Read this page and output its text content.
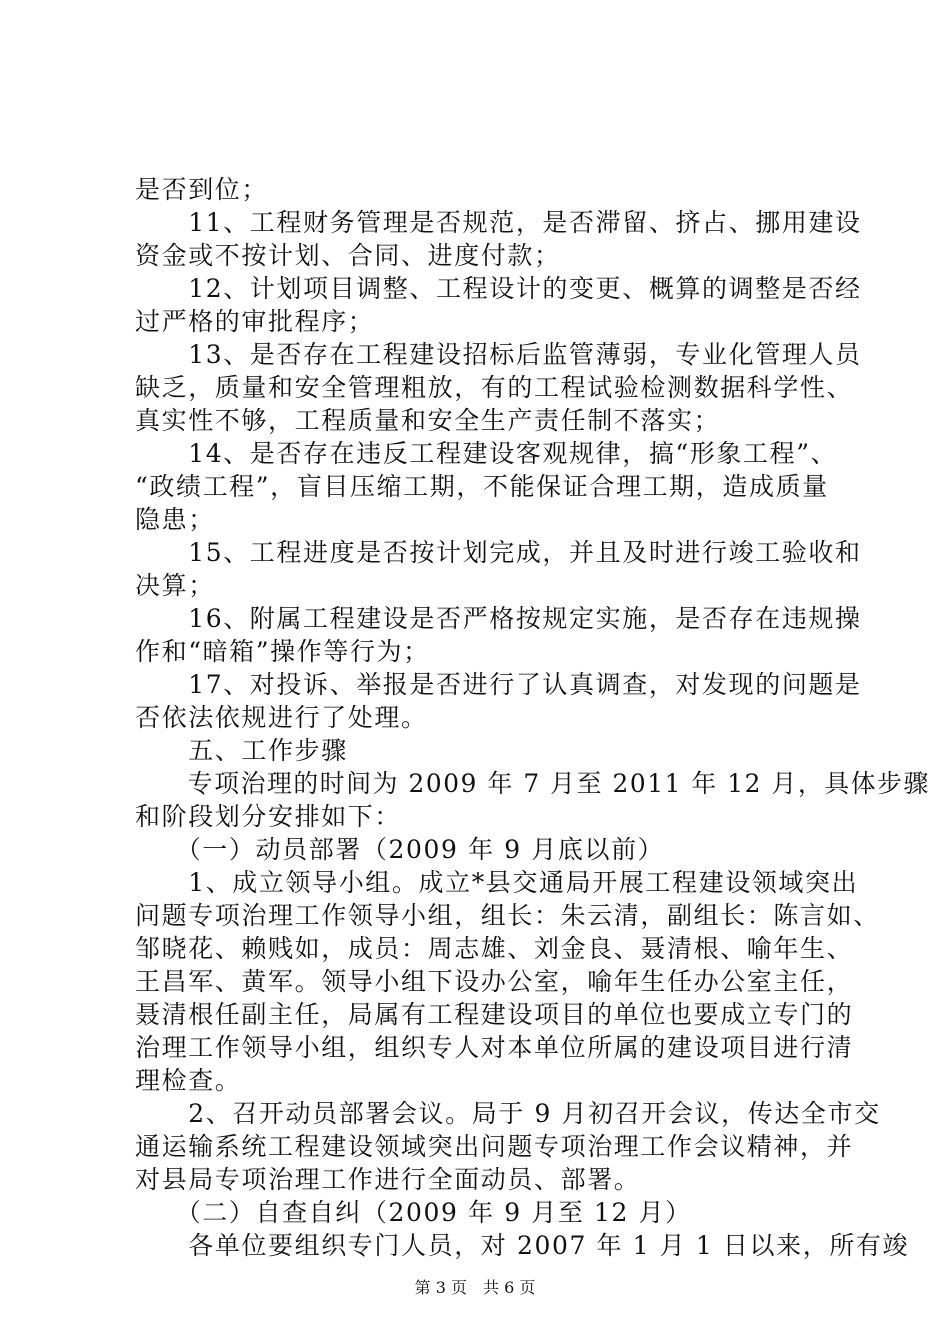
是否到位；
　　11、工程财务管理是否规范，是否滞留、挤占、挪用建设
资金或不按计划、合同、进度付款；
　　12、计划项目调整、工程设计的变更、概算的调整是否经
过严格的审批程序；
　　13、是否存在工程建设招标后监管薄弱，专业化管理人员
缺乏，质量和安全管理粗放，有的工程试验检测数据科学性、
真实性不够，工程质量和安全生产责任制不落实；
　　14、是否存在违反工程建设客观规律，搞“形象工程”、
“政绩工程”，盲目压缩工期，不能保证合理工期，造成质量
隐患；
　　15、工程进度是否按计划完成，并且及时进行竣工验收和
决算；
　　16、附属工程建设是否严格按规定实施，是否存在违规操
作和“暗箱”操作等行为；
　　17、对投诉、举报是否进行了认真调查，对发现的问题是
否依法依规进行了处理。
　　五、工作步骤
　　专项治理的时间为 2009 年 7 月至 2011 年 12 月，具体步骤
和阶段划分安排如下：
　　（一）动员部署（2009 年 9 月底以前）
　　1、成立领导小组。成立*县交通局开展工程建设领域突出
问题专项治理工作领导小组，组长：朱云清，副组长：陈言如、
邹晓花、赖贱如，成员：周志雄、刘金良、聂清根、喻年生、
王昌军、黄军。领导小组下设办公室，喻年生任办公室主任，
聂清根任副主任，局属有工程建设项目的单位也要成立专门的
治理工作领导小组，组织专人对本单位所属的建设项目进行清
理检查。
　　2、召开动员部署会议。局于 9 月初召开会议，传达全市交
通运输系统工程建设领域突出问题专项治理工作会议精神，并
对县局专项治理工作进行全面动员、部署。
　　（二）自查自纠（2009 年 9 月至 12 月）
　　各单位要组织专门人员，对 2007 年 1 月 1 日以来，所有竣
第 3 页　共 6 页
